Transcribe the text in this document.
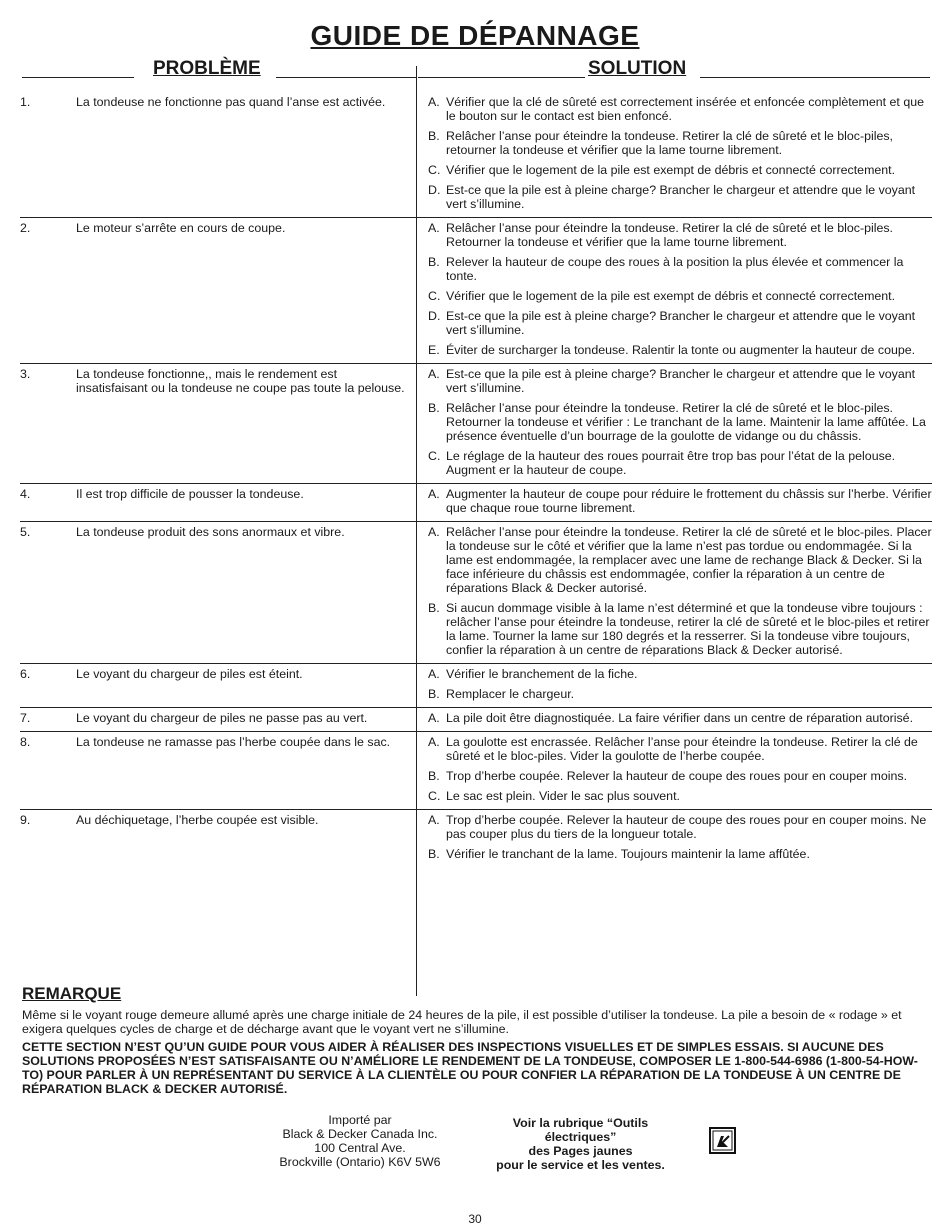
GUIDE DE DÉPANNAGE
PROBLÈME	SOLUTION
1.	La tondeuse ne fonctionne pas quand l’anse est activée.	A. Vérifier que la clé de sûreté est correctement insérée et enfoncée complètement et que le bouton sur le contact est bien enfoncé.
B. Relâcher l’anse pour éteindre la tondeuse. Retirer la clé de sûreté et le bloc-piles, retourner la tondeuse et vérifier que la lame tourne librement.
C. Vérifier que le logement de la pile est exempt de débris et connecté correctement.
D. Est-ce que la pile est à pleine charge? Brancher le chargeur et attendre que le voyant vert s’illumine.
2.	Le moteur s’arrête en cours de coupe.	A. Relâcher l’anse pour éteindre la tondeuse. Retirer la clé de sûreté et le bloc-piles. Retourner la tondeuse et vérifier que la lame tourne librement.
B. Relever la hauteur de coupe des roues à la position la plus élevée et commencer la tonte.
C. Vérifier que le logement de la pile est exempt de débris et connecté correctement.
D. Est-ce que la pile est à pleine charge? Brancher le chargeur et attendre que le voyant vert s’illumine.
E. Éviter de surcharger la tondeuse. Ralentir la tonte ou augmenter la hauteur de coupe.
3.	La tondeuse fonctionne,, mais le rendement est insatisfaisant ou la tondeuse ne coupe pas toute la pelouse.
A. Est-ce que la pile est à pleine charge? Brancher le chargeur et attendre que le voyant vert s’illumine.
B. Relâcher l’anse pour éteindre la tondeuse. Retirer la clé de sûreté et le bloc-piles. Retourner la tondeuse et vérifier : Le tranchant de la lame. Maintenir la lame affûtée. La présence éventuelle d’un bourrage de la goulotte de vidange ou du châssis.
C. Le réglage de la hauteur des roues pourrait être trop bas pour l’état de la pelouse. Augment er la hauteur de coupe.
4.	Il est trop difficile de pousser la tondeuse.	A. Augmenter la hauteur de coupe pour réduire le frottement du châssis sur l’herbe. Vérifier que chaque roue tourne librement.
5.	La tondeuse produit des sons anormaux et vibre.	A. Relâcher l’anse pour éteindre la tondeuse. Retirer la clé de sûreté et le bloc-piles. Placer la tondeuse sur le côté et vérifier que la lame n’est pas tordue ou endommagée. Si la lame est endommagée, la remplacer avec une lame de rechange Black & Decker. Si la face inférieure du châssis est endommagée, confier la réparation à un centre de réparations Black & Decker autorisé.
B. Si aucun dommage visible à la lame n’est déterminé et que la tondeuse vibre toujours : relâcher l’anse pour éteindre la tondeuse, retirer la clé de sûreté et le bloc-piles et retirer la lame. Tourner la lame sur 180 degrés et la resserrer. Si la tondeuse vibre toujours, confier la réparation à un centre de réparations Black & Decker autorisé.
6.	Le voyant du chargeur de piles est éteint.	A. Vérifier le branchement de la fiche.
B. Remplacer le chargeur.
7.	Le voyant du chargeur de piles ne passe pas au vert.	A. La pile doit être diagnostiquée. La faire vérifier dans un centre de réparation autorisé.
8.	La tondeuse ne ramasse pas l’herbe coupée dans le sac.	A. La goulotte est encrassée. Relâcher l’anse pour éteindre la tondeuse. Retirer la clé de sûreté et le bloc-piles. Vider la goulotte de l’herbe coupée.
B. Trop d’herbe coupée. Relever la hauteur de coupe des roues pour en couper moins.
C. Le sac est plein. Vider le sac plus souvent.
9.	Au déchiquetage, l’herbe coupée est visible.	A. Trop d’herbe coupée. Relever la hauteur de coupe des roues pour en couper moins. Ne pas couper plus du tiers de la longueur totale.
B. Vérifier le tranchant de la lame. Toujours maintenir la lame affûtée.
REMARQUE
Même si le voyant rouge demeure allumé après une charge initiale de 24 heures de la pile, il est possible d’utiliser la tondeuse. La pile a besoin de « rodage » et exigera quelques cycles de charge et de décharge avant que le voyant vert ne s’illumine.
CETTE SECTION N’EST QU’UN GUIDE POUR VOUS AIDER À RÉALISER DES INSPECTIONS VISUELLES ET DE SIMPLES ESSAIS. SI AUCUNE DES SOLUTIONS PROPOSÉES N’EST SATISFAISANTE OU N’AMÉLIORE LE RENDEMENT DE LA TONDEUSE, COMPOSER LE 1-800-544-6986 (1-800-54-HOW-TO) POUR PARLER À UN REPRÉSENTANT DU SERVICE À LA CLIENTÈLE OU POUR CONFIER LA RÉPARATION DE LA TONDEUSE À UN CENTRE DE RÉPARATION BLACK & DECKER AUTORISÉ.
Importé par
Black & Decker Canada Inc.
100 Central Ave.
Brockville (Ontario) K6V 5W6
Voir la rubrique “Outils
électriques”
des Pages jaunes
pour le service et les ventes.
30
